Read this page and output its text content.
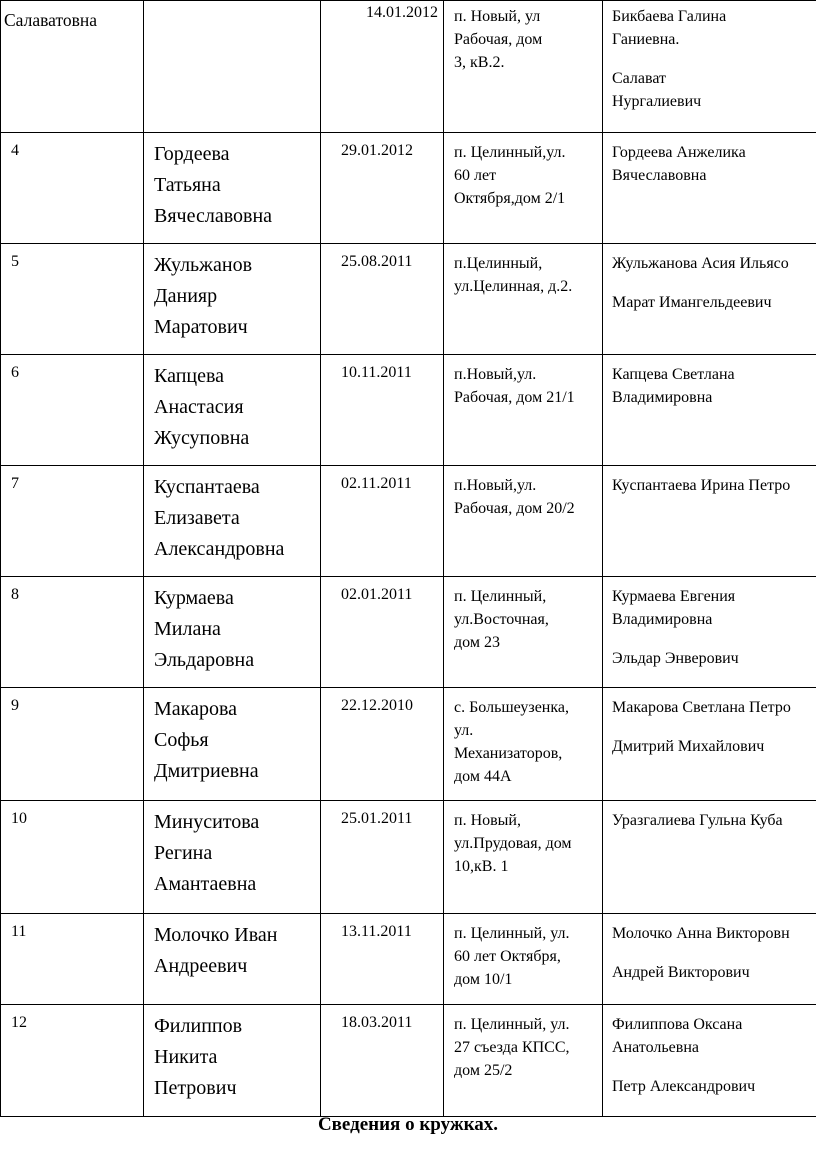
Салаватовна		14.01.2012	п. Новый, ул
Рабочая, дом
3, кВ.2.	Бикбаева Галина
Ганиевна.
Салават
Нургалиевич

4	Гордеева
Татьяна
Вячеславовна	29.01.2012	п. Целинный,ул.
60 лет
Октября,дом 2/1	Гордеева Анжелика
Вячеславовна

5	Жульжанов
Данияр
Маратович	25.08.2011	п.Целинный,
ул.Целинная, д.2.	Жульжанова Асия Ильясо
Марат Имангельдеевич

6	Капцева
Анастасия
Жусуповна	10.11.2011	п.Новый,ул.
Рабочая, дом 21/1	Капцева Светлана
Владимировна

7	Куспантаева
Елизавета
Александровна	02.11.2011	п.Новый,ул.
Рабочая, дом 20/2	Куспантаева Ирина Петро

8	Курмаева
Милана
Эльдаровна	02.01.2011	п. Целинный,
ул.Восточная,
дом 23	Курмаева Евгения
Владимировна
Эльдар Энверович

9	Макарова
Софья
Дмитриевна	22.12.2010	с. Большеузенка,
ул.
Механизаторов,
дом 44А	Макарова Светлана Петро
Дмитрий Михайлович

10	Минуситова
Регина
Амантаевна	25.01.2011	п. Новый,
ул.Прудовая, дом
10,кВ. 1	Уразгалиева Гульна Куба

11	Молочко Иван
Андреевич	13.11.2011	п. Целинный, ул.
60 лет Октября,
дом 10/1	Молочко Анна Викторовн
Андрей Викторович

12	Филиппов
Никита
Петрович	18.03.2011	п. Целинный, ул.
27 съезда КПСС,
дом 25/2	Филиппова Оксана
Анатольевна
Петр Александрович
Сведения о кружках.
